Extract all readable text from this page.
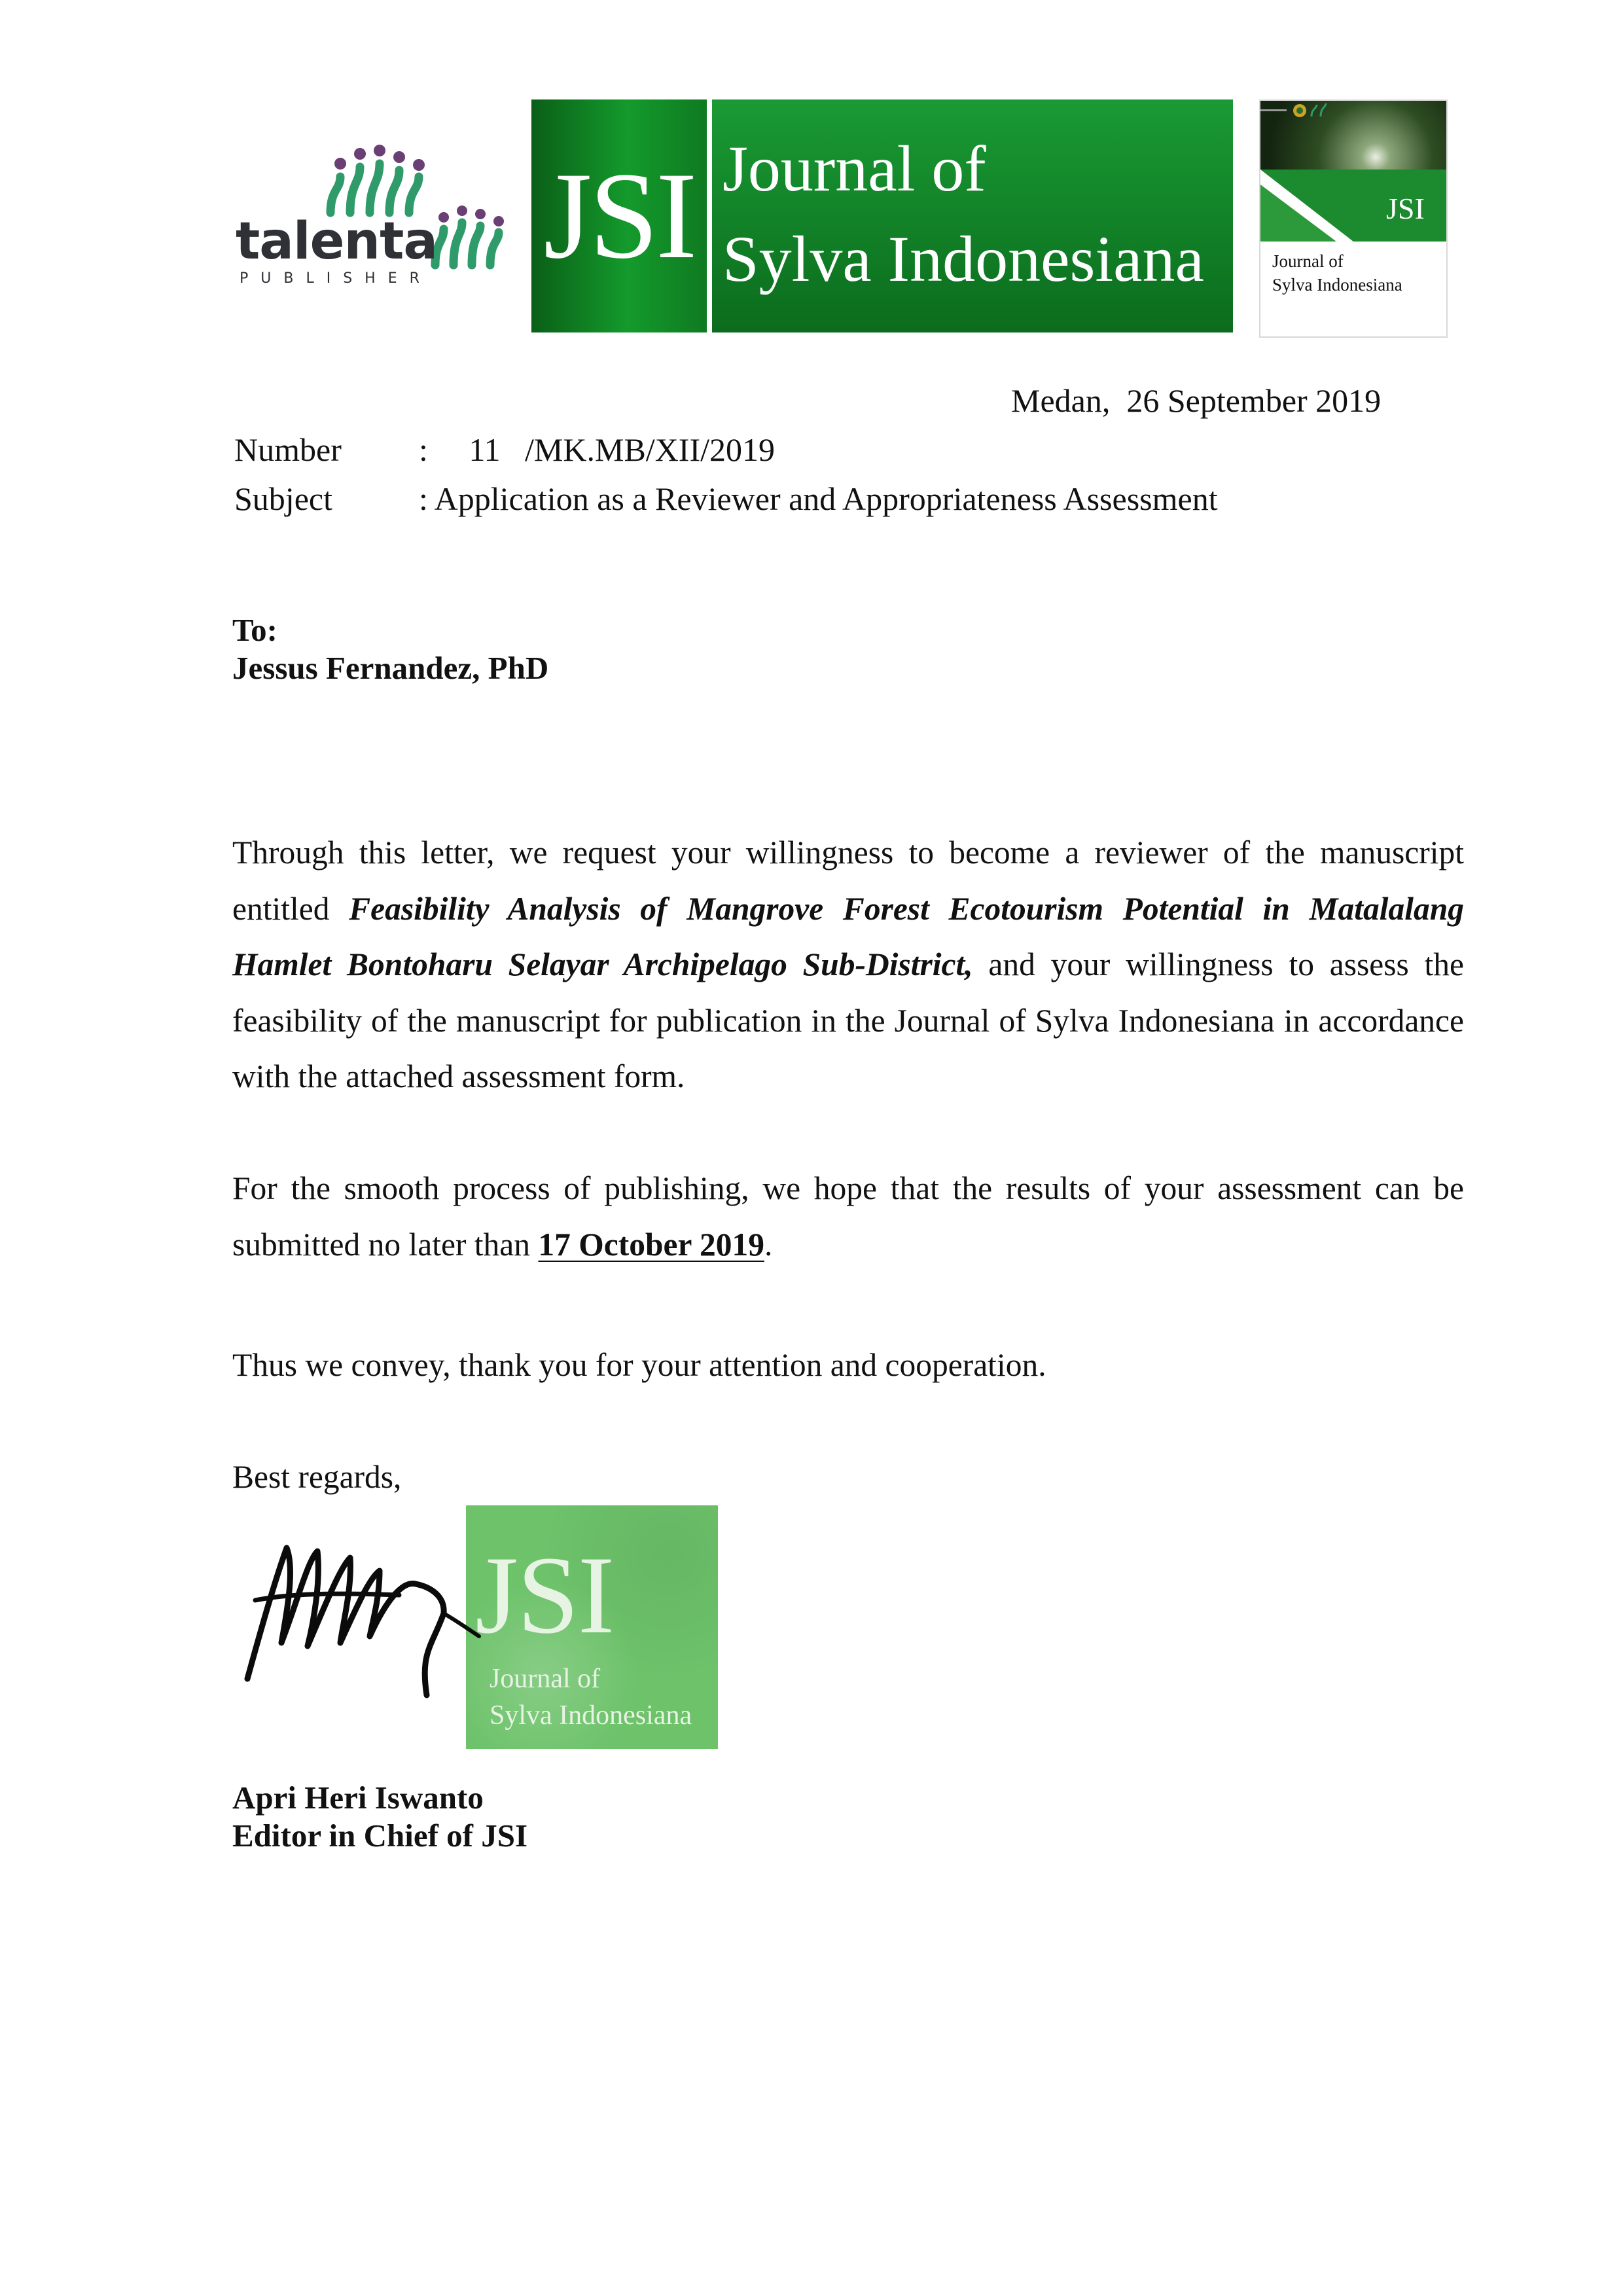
talenta
PUBLISHER JSI Journal of
Sylva Indonesiana
JSI
Journal of
Sylva Indonesiana
Medan,  26 September 2019
Number :     11   /MK.MB/XII/2019
Subject	: Application as a Reviewer and Appropriateness Assessment
To:
Jessus Fernandez, PhD

Through this letter, we request your willingness to become a reviewer of the manuscript entitled Feasibility Analysis of Mangrove Forest Ecotourism Potential in Matalalang Hamlet Bontoharu Selayar Archipelago Sub-District, and your willingness to assess the feasibility of the manuscript for publication in the Journal of Sylva Indonesiana in accordance with the attached assessment form.

For the smooth process of publishing, we hope that the results of your assessment can be submitted no later than 17 October 2019.

Thus we convey, thank you for your attention and cooperation.

Best regards,

JSI
Journal of
Sylva Indonesiana
Apri Heri Iswanto
Editor in Chief of JSI
